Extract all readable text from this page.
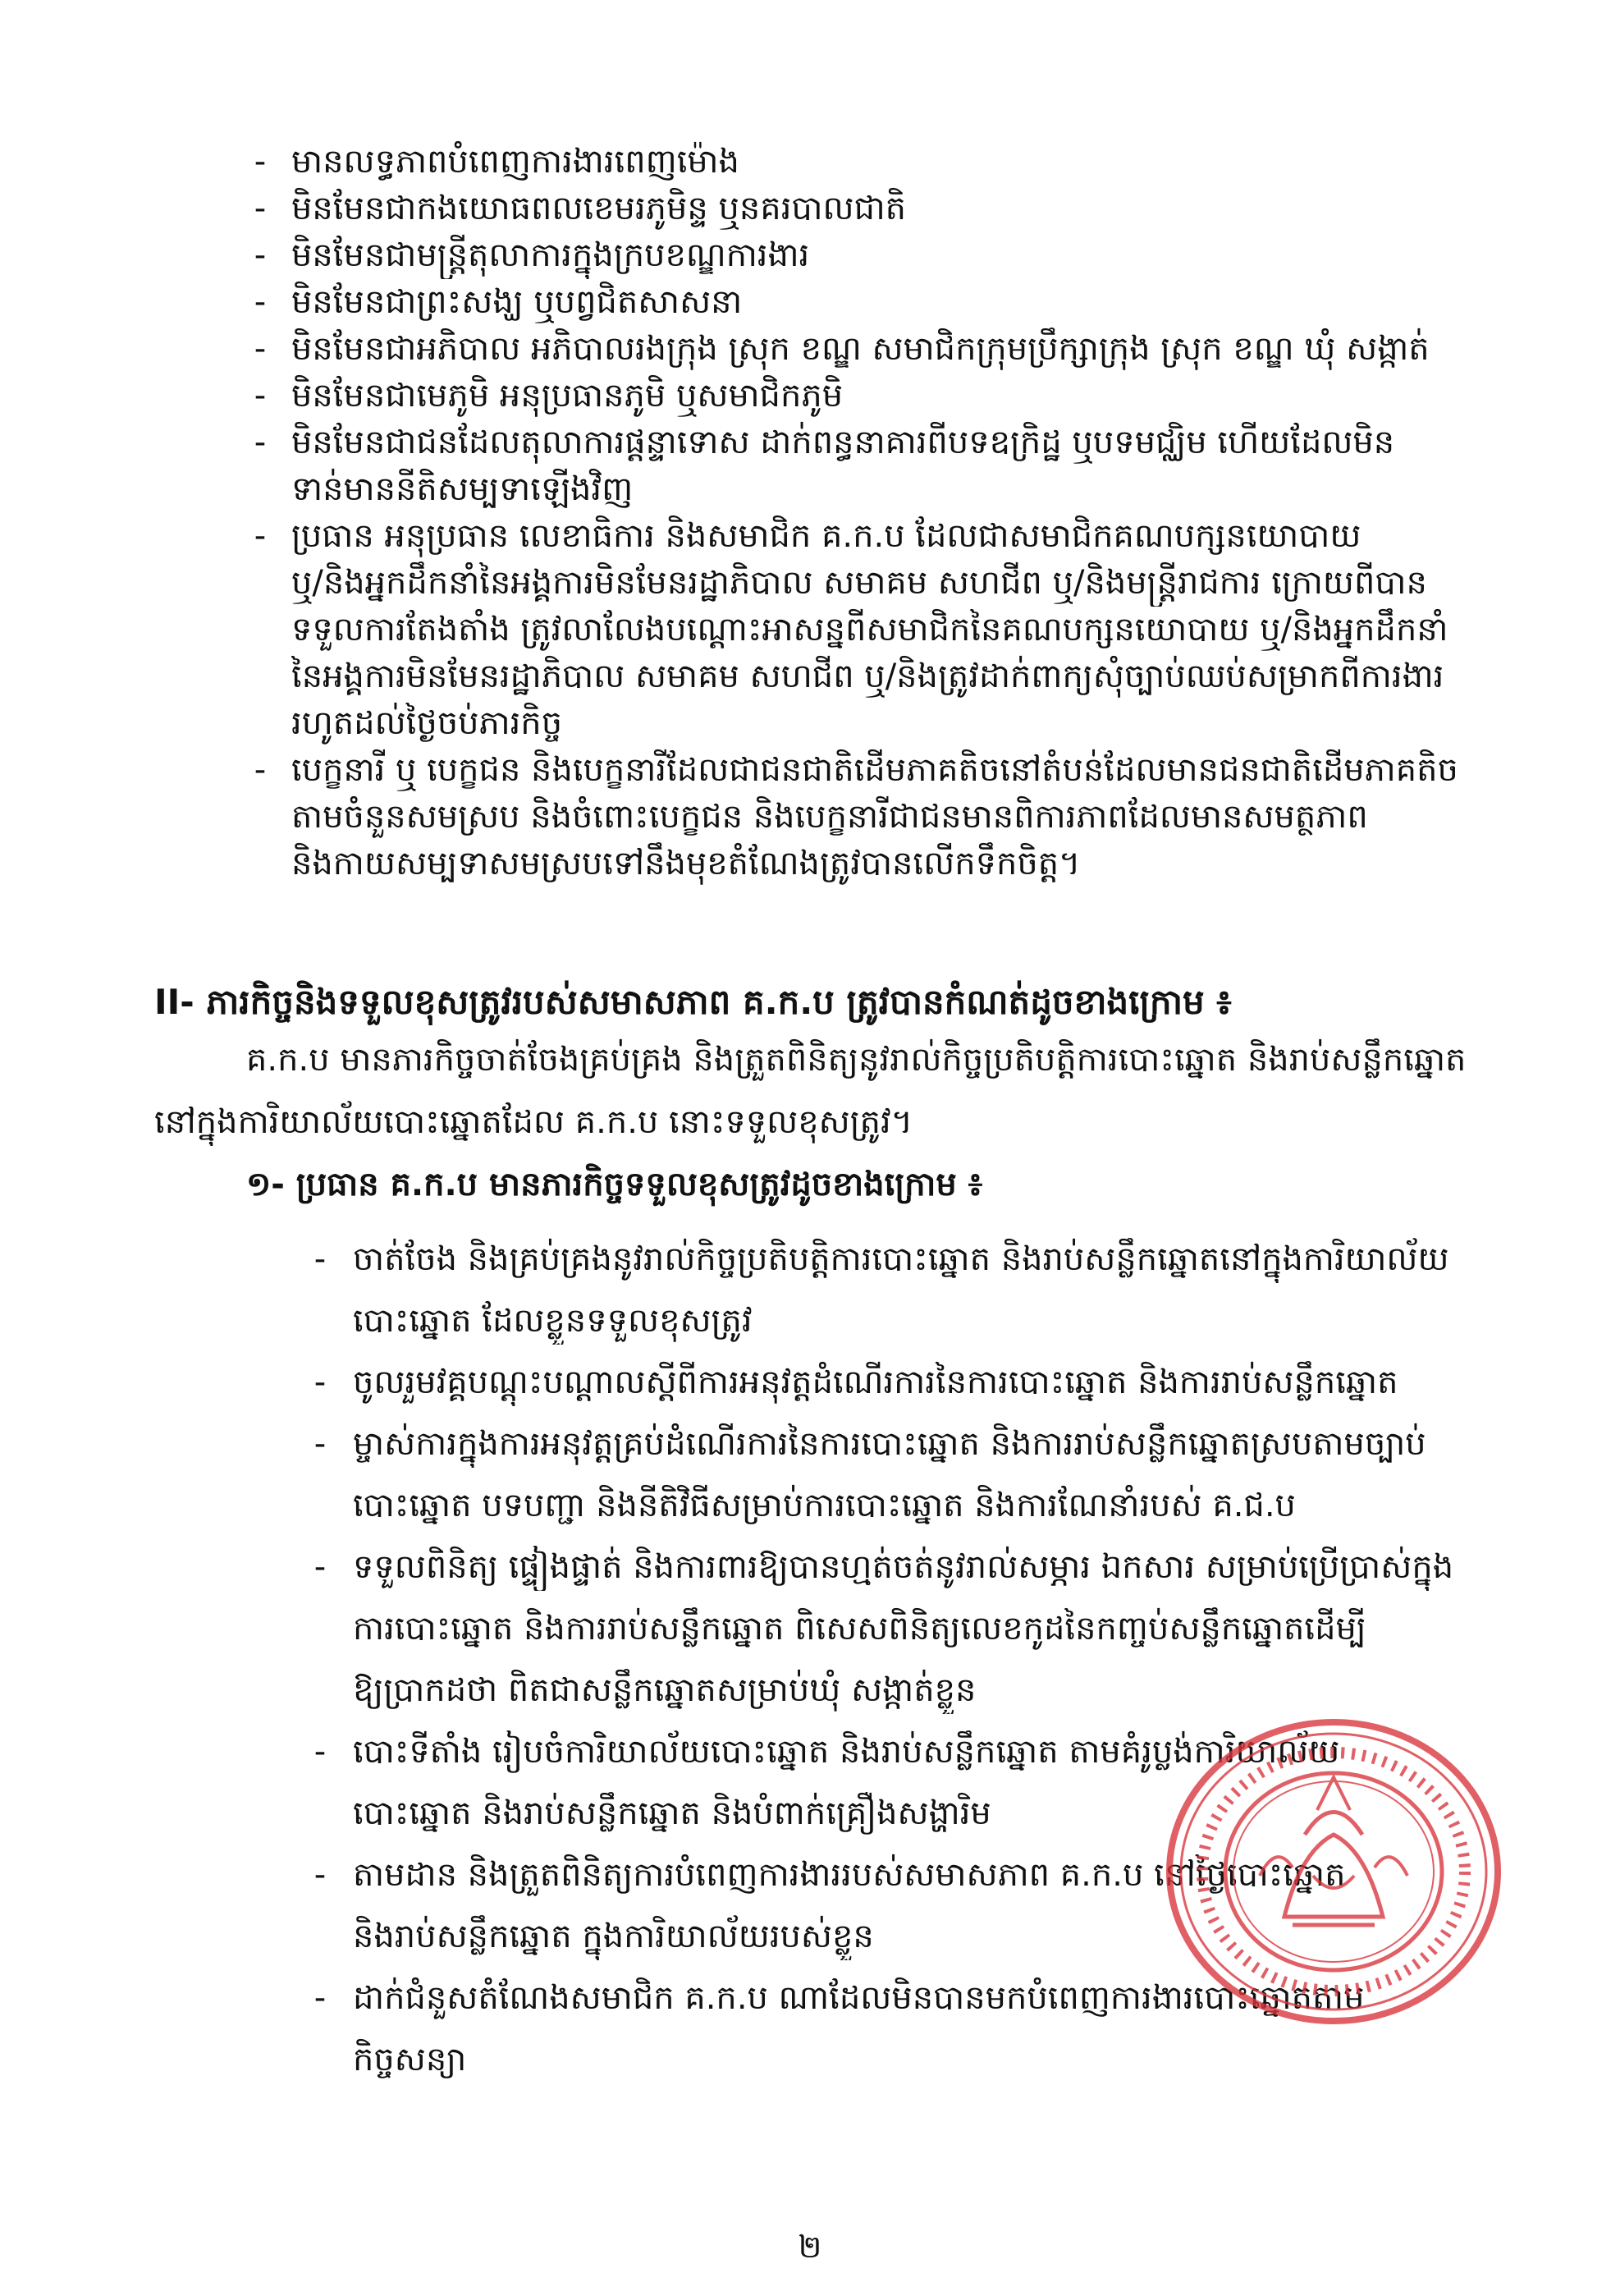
- មានលទ្ធភាពបំពេញការងារពេញម៉ោង
- មិនមែនជាកងយោធពលខេមរភូមិន្ទ ឬនគរបាលជាតិ
- មិនមែនជាមន្ត្រីតុលាការក្នុងក្របខណ្ឌការងារ
- មិនមែនជាព្រះសង្ឃ ឬបព្វជិតសាសនា
- មិនមែនជាអភិបាល អភិបាលរងក្រុង ស្រុក ខណ្ឌ សមាជិកក្រុមប្រឹក្សាក្រុង ស្រុក ខណ្ឌ ឃុំ សង្កាត់
- មិនមែនជាមេភូមិ អនុប្រធានភូមិ ឬសមាជិកភូមិ
- មិនមែនជាជនដែលតុលាការផ្តន្ទាទោស ដាក់ពន្ធនាគារពីបទឧក្រិដ្ឋ ឬបទមជ្ឈិម ហើយដែលមិន
ទាន់មាននីតិសម្បទាឡើងវិញ
- ប្រធាន អនុប្រធាន លេខាធិការ និងសមាជិក គ.ក.ប ដែលជាសមាជិកគណបក្សនយោបាយ
ឬ/និងអ្នកដឹកនាំនៃអង្គការមិនមែនរដ្ឋាភិបាល សមាគម សហជីព ឬ/និងមន្ត្រីរាជការ ក្រោយពីបាន
ទទួលការតែងតាំង ត្រូវលាលែងបណ្តោះអាសន្នពីសមាជិកនៃគណបក្សនយោបាយ ឬ/និងអ្នកដឹកនាំ
នៃអង្គការមិនមែនរដ្ឋាភិបាល សមាគម សហជីព ឬ/និងត្រូវដាក់ពាក្យសុំច្បាប់ឈប់សម្រាកពីការងារ
រហូតដល់ថ្ងៃចប់ភារកិច្ច
- បេក្ខនារី ឬ បេក្ខជន និងបេក្ខនារីដែលជាជនជាតិដើមភាគតិចនៅតំបន់ដែលមានជនជាតិដើមភាគតិច
តាមចំនួនសមស្រប និងចំពោះបេក្ខជន និងបេក្ខនារីជាជនមានពិការភាពដែលមានសមត្ថភាព
និងកាយសម្បទាសមស្របទៅនឹងមុខតំណែងត្រូវបានលើកទឹកចិត្ត។
II- ភារកិច្ចនិងទទួលខុសត្រូវរបស់សមាសភាព គ.ក.ប ត្រូវបានកំណត់ដូចខាងក្រោម ៖
គ.ក.ប មានភារកិច្ចចាត់ចែងគ្រប់គ្រង និងត្រួតពិនិត្យនូវរាល់កិច្ចប្រតិបត្តិការបោះឆ្នោត និងរាប់សន្លឹកឆ្នោត
នៅក្នុងការិយាល័យបោះឆ្នោតដែល គ.ក.ប នោះទទួលខុសត្រូវ។
១- ប្រធាន គ.ក.ប មានភារកិច្ចទទួលខុសត្រូវដូចខាងក្រោម ៖
- ចាត់ចែង និងគ្រប់គ្រងនូវរាល់កិច្ចប្រតិបត្តិការបោះឆ្នោត និងរាប់សន្លឹកឆ្នោតនៅក្នុងការិយាល័យ
បោះឆ្នោត ដែលខ្លួនទទួលខុសត្រូវ
- ចូលរួមវគ្គបណ្តុះបណ្តាលស្តីពីការអនុវត្តដំណើរការនៃការបោះឆ្នោត និងការរាប់សន្លឹកឆ្នោត
- ម្ចាស់ការក្នុងការអនុវត្តគ្រប់ដំណើរការនៃការបោះឆ្នោត និងការរាប់សន្លឹកឆ្នោតស្របតាមច្បាប់
បោះឆ្នោត បទបញ្ជា និងនីតិវិធីសម្រាប់ការបោះឆ្នោត និងការណែនាំរបស់ គ.ជ.ប
- ទទួលពិនិត្យ ផ្ទៀងផ្ទាត់ និងការពារឱ្យបានហ្មត់ចត់នូវរាល់សម្ភារ ឯកសារ សម្រាប់ប្រើប្រាស់ក្នុង
ការបោះឆ្នោត និងការរាប់សន្លឹកឆ្នោត ពិសេសពិនិត្យលេខកូដនៃកញ្ចប់សន្លឹកឆ្នោតដើម្បី
ឱ្យប្រាកដថា ពិតជាសន្លឹកឆ្នោតសម្រាប់ឃុំ សង្កាត់ខ្លួន
- បោះទីតាំង រៀបចំការិយាល័យបោះឆ្នោត និងរាប់សន្លឹកឆ្នោត តាមគំរូប្លង់ការិយាល័យ
បោះឆ្នោត និងរាប់សន្លឹកឆ្នោត និងបំពាក់គ្រឿងសង្ហារិម
- តាមដាន និងត្រួតពិនិត្យការបំពេញការងាររបស់សមាសភាព គ.ក.ប នៅថ្ងៃបោះឆ្នោត
និងរាប់សន្លឹកឆ្នោត ក្នុងការិយាល័យរបស់ខ្លួន
- ដាក់ជំនួសតំណែងសមាជិក គ.ក.ប ណាដែលមិនបានមកបំពេញការងារបោះឆ្នោតតាម
កិច្ចសន្យា
២
